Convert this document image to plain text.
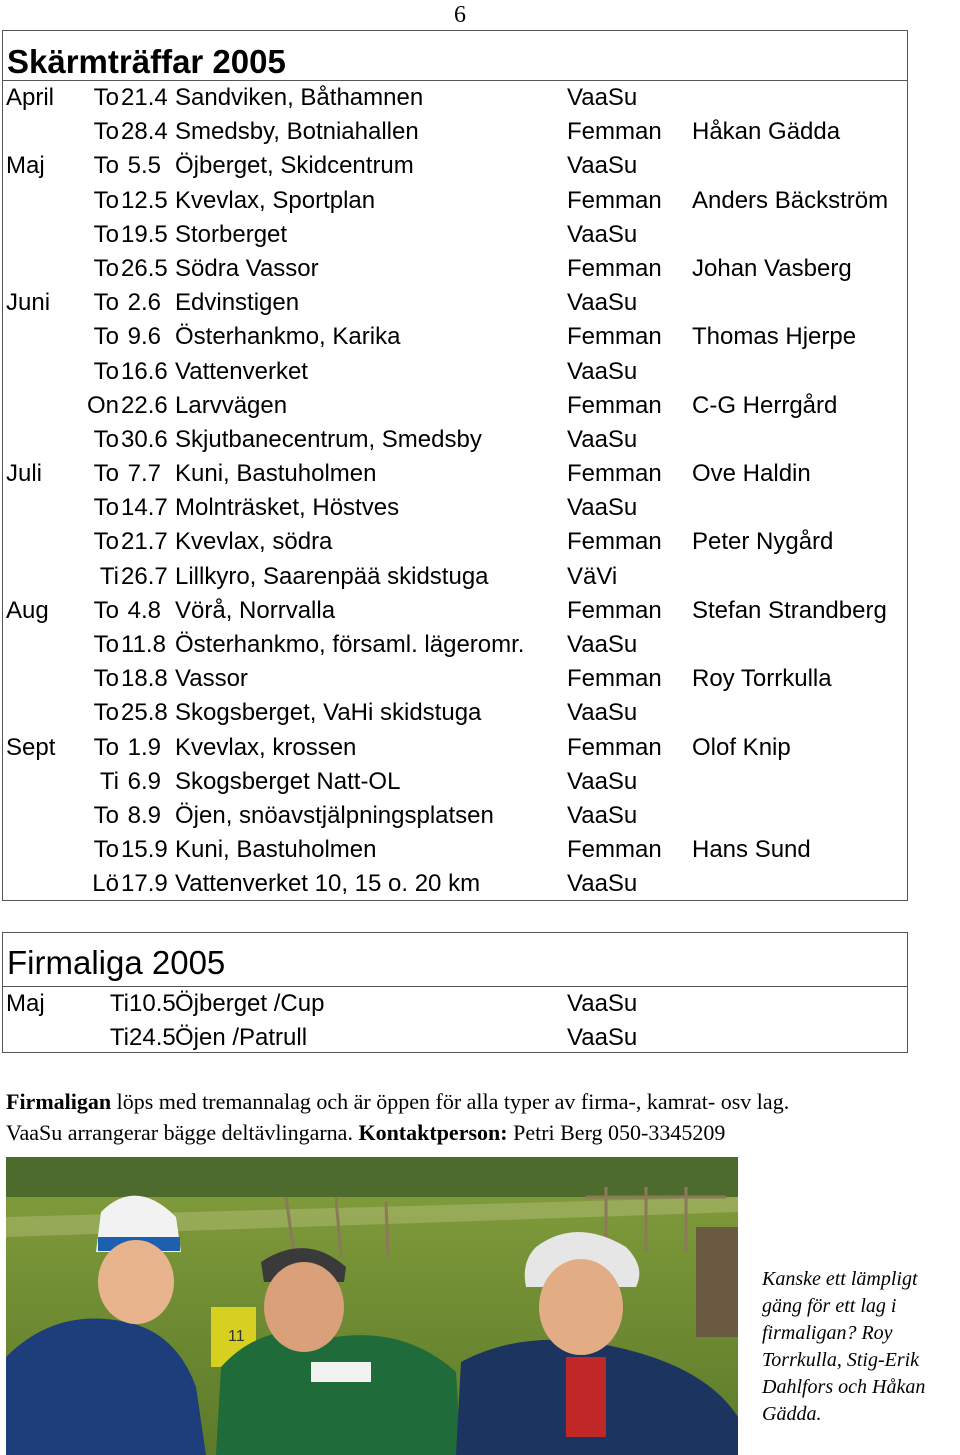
6
Skärmträffar 2005
April	To 21.4 Sandviken, Båthamnen	VaaSu
To 28.4 Smedsby, Botniahallen	Femman Håkan Gädda
Maj	To 5.5 Öjberget, Skidcentrum	VaaSu
To 12.5 Kvevlax, Sportplan	Femman Anders Bäckström
To 19.5 Storberget	VaaSu
To 26.5 Södra Vassor	Femman Johan Vasberg
Juni	To 2.6 Edvinstigen	VaaSu
To 9.6 Österhankmo, Karika	Femman Thomas Hjerpe
To 16.6 Vattenverket	VaaSu
On 22.6 Larvvägen	Femman C-G Herrgård
To 30.6 Skjutbanecentrum, Smedsby	VaaSu
Juli	To 7.7 Kuni, Bastuholmen	Femman Ove Haldin
To 14.7 Molnträsket, Höstves	VaaSu
To 21.7 Kvevlax, södra	Femman Peter Nygård
Ti 26.7 Lillkyro, Saarenpää skidstuga	VäVi
Aug	To 4.8 Vörå, Norrvalla	Femman Stefan Strandberg
To 11.8 Österhankmo, församl. lägeromr. VaaSu
To 18.8 Vassor	Femman Roy Torrkulla
To 25.8 Skogsberget, VaHi skidstuga	VaaSu
Sept	To 1.9 Kvevlax, krossen	Femman Olof Knip
Ti 6.9 Skogsberget Natt-OL	VaaSu
To 8.9 Öjen, snöavstjälpningsplatsen	VaaSu
To 15.9 Kuni, Bastuholmen	Femman Hans Sund
Lö 17.9 Vattenverket 10, 15 o. 20 km	VaaSu
Firmaliga 2005
Maj	Ti 10.5 Öjberget /Cup	VaaSu
Ti 24.5 Öjen /Patrull	VaaSu
Firmaligan löps med tremannalag och är öppen för alla typer av firma-, kamrat- osv lag.
VaaSu arrangerar bägge deltävlingarna. Kontaktperson: Petri Berg 050-3345209
11
Kanske ett lämpligt gäng för ett lag i firmaligan? Roy Torrkulla, Stig-Erik Dahlfors och Håkan Gädda.
